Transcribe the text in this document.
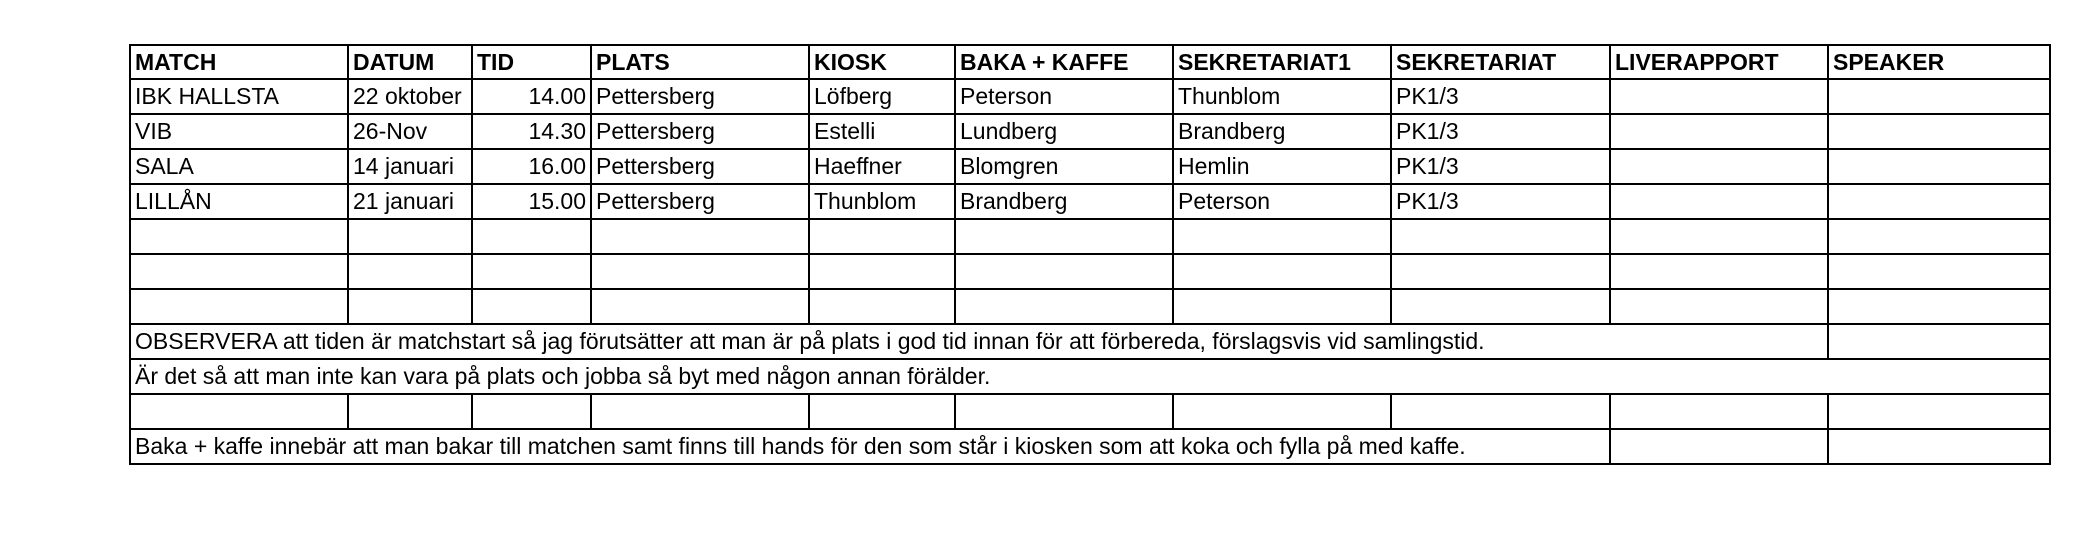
MATCH	DATUM	TID	PLATS	KIOSK	BAKA + KAFFE	SEKRETARIAT1	SEKRETARIAT	LIVERAPPORT	SPEAKER
IBK HALLSTA	22 oktober	14.00	Pettersberg	Löfberg	Peterson	Thunblom	PK1/3		
VIB	26-Nov	14.30	Pettersberg	Estelli	Lundberg	Brandberg	PK1/3		
SALA	14 januari	16.00	Pettersberg	Haeffner	Blomgren	Hemlin	PK1/3		
LILLÅN	21 januari	15.00	Pettersberg	Thunblom	Brandberg	Peterson	PK1/3		

OBSERVERA att tiden är matchstart så jag förutsätter att man är på plats i god tid innan för att förbereda, förslagsvis vid samlingstid.									
Är det så att man inte kan vara på plats och jobba så byt med någon annan förälder.									

Baka + kaffe innebär att man bakar till matchen samt finns till hands för den som står i kiosken som att koka och fylla på med kaffe.									
